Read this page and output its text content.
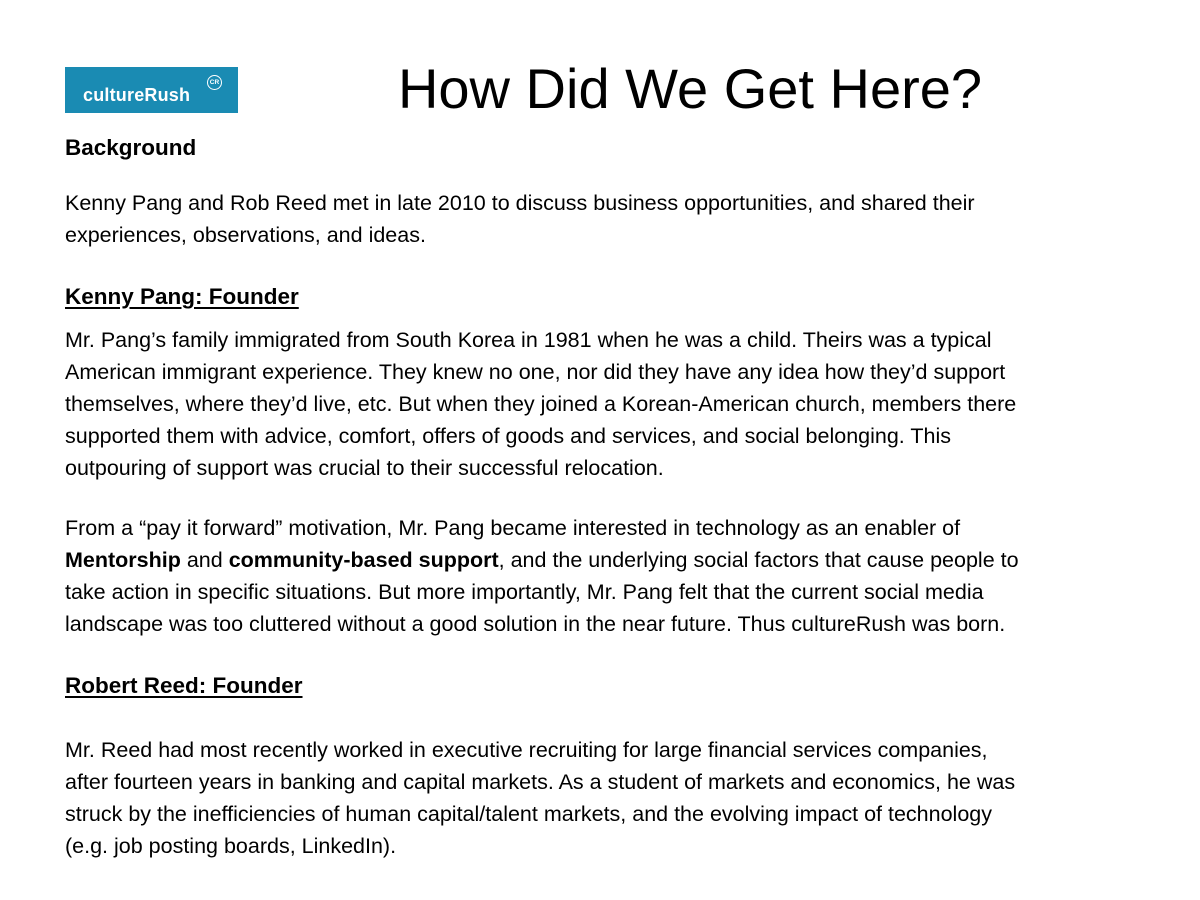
cultureRush
CR	How Did We Get Here?
Background

Kenny Pang and Rob Reed met in late 2010 to discuss business opportunities, and shared their
experiences, observations, and ideas.

Kenny Pang: Founder

Mr. Pang’s family immigrated from South Korea in 1981 when he was a child. Theirs was a typical
American immigrant experience. They knew no one, nor did they have any idea how they’d support
themselves, where they’d live, etc. But when they joined a Korean-American church, members there
supported them with advice, comfort, offers of goods and services, and social belonging. This
outpouring of support was crucial to their successful relocation.

From a “pay it forward” motivation, Mr. Pang became interested in technology as an enabler of
Mentorship and community-based support, and the underlying social factors that cause people to
take action in specific situations. But more importantly, Mr. Pang felt that the current social media
landscape was too cluttered without a good solution in the near future. Thus cultureRush was born.

Robert Reed: Founder

Mr. Reed had most recently worked in executive recruiting for large financial services companies,
after fourteen years in banking and capital markets. As a student of markets and economics, he was
struck by the inefficiencies of human capital/talent markets, and the evolving impact of technology
(e.g. job posting boards, LinkedIn).
